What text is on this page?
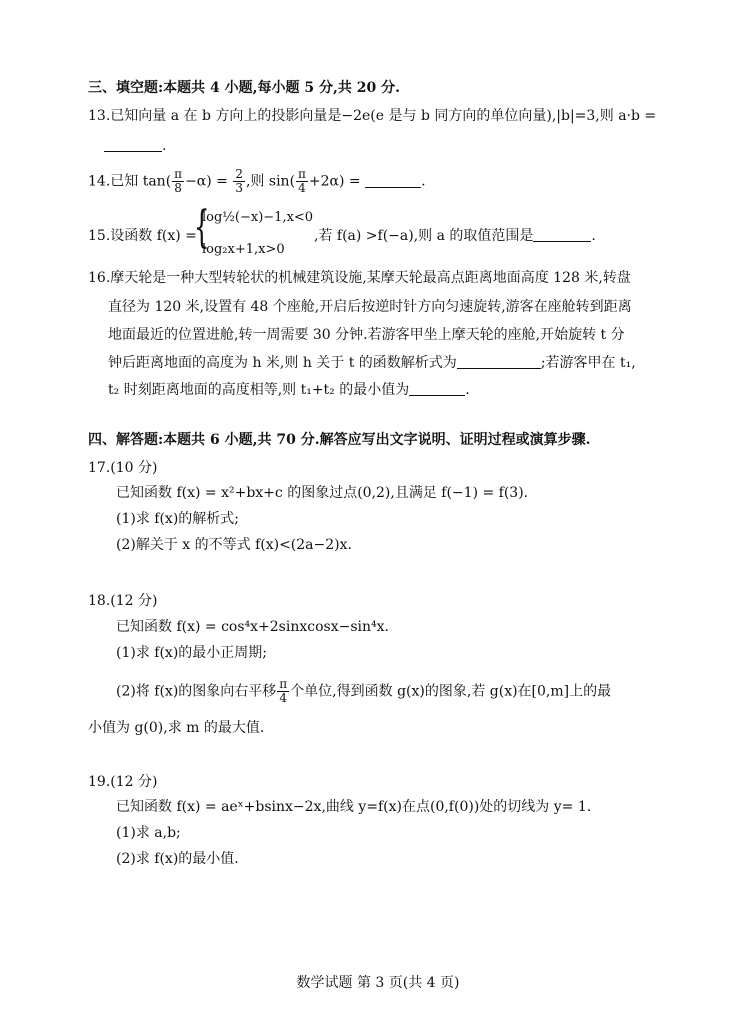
三、填空题:本题共 4 小题,每小题 5 分,共 20 分.
13.已知向量 a 在 b 方向上的投影向量是−2e(e 是与 b 同方向的单位向量),|b|=3,则 a·b =
.
14.已知 $\tan( \frac{\pi}{8} -\alpha) = \frac{2}{3}$ ,则 $\sin( \frac{\pi}{4} +2\alpha)$ =	.
15.设函数 f(x) =
{
log½(−x)−1,x<0
log₂x+1,x>0
,若 f(a) >f(−a),则 a 的取值范围是	.
16.摩天轮是一种大型转轮状的机械建筑设施,某摩天轮最高点距离地面高度 128 米,转盘
直径为 120 米,设置有 48 个座舱,开启后按逆时针方向匀速旋转,游客在座舱转到距离
地面最近的位置进舱,转一周需要 30 分钟.若游客甲坐上摩天轮的座舱,开始旋转 t 分
钟后距离地面的高度为 h 米,则 h 关于 t 的函数解析式为	;若游客甲在 t₁,
t₂ 时刻距离地面的高度相等,则 t₁+t₂ 的最小值为	.
四、解答题:本题共 6 小题,共 70 分.解答应写出文字说明、证明过程或演算步骤.
17.(10 分)
已知函数 f(x) = x²+bx+c 的图象过点(0,2),且满足 f(−1) = f(3).
(1)求 f(x)的解析式;
(2)解关于 x 的不等式 f(x)<(2a−2)x.
18.(12 分)
已知函数 f(x) = cos⁴x+2sinxcosx−sin⁴x.
(1)求 f(x)的最小正周期;
(2)将 f(x)的图象向右平移 $\frac{\pi}{4}$ 个单位,得到函数 g(x)的图象,若 g(x)在[0,m]上的最
小值为 g(0),求 m 的最大值.
19.(12 分)
已知函数 f(x) = aeˣ+bsinx−2x,曲线 y=f(x)在点(0,f(0))处的切线为 y= 1.
(1)求 a,b;
(2)求 f(x)的最小值.
数学试题 第 3 页(共 4 页)
